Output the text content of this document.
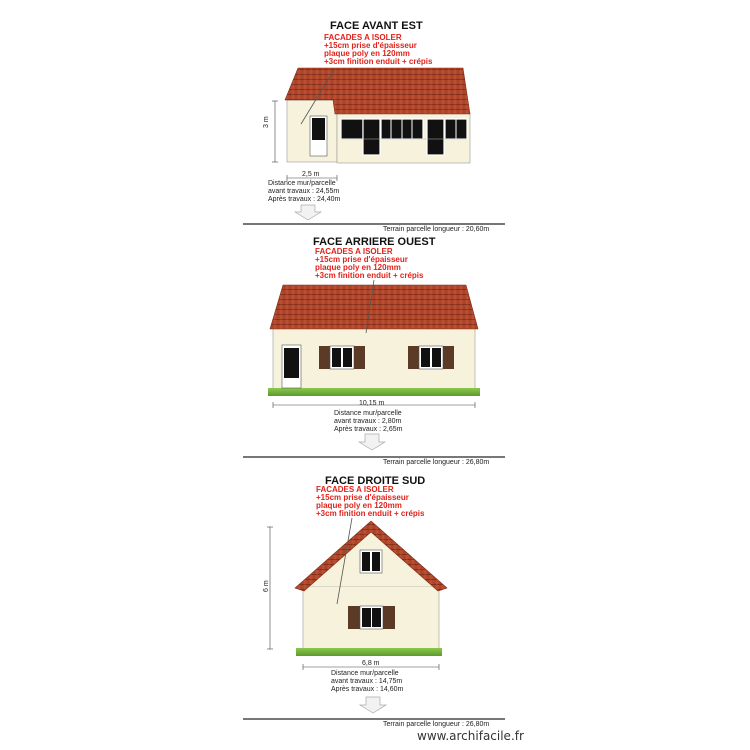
FACE AVANT EST
FACADES A ISOLER
+15cm prise d'épaisseur
plaque poly en 120mm
+3cm finition enduit + crépis
3 m
2,5 m
Distance mur/parcelle
avant travaux : 24,55m
Après travaux : 24,40m
Terrain parcelle longueur : 20,60m
FACE ARRIERE OUEST
FACADES A ISOLER
+15cm prise d'épaisseur
plaque poly en 120mm
+3cm finition enduit + crépis
10,15 m
Distance mur/parcelle
avant travaux : 2,80m
Après travaux : 2,65m
Terrain parcelle longueur : 26,80m
FACE DROITE SUD
FACADES A ISOLER
+15cm prise d'épaisseur
plaque poly en 120mm
+3cm finition enduit + crépis
6 m
6,8 m
Distance mur/parcelle
avant travaux : 14,75m
Après travaux : 14,60m
Terrain parcelle longueur : 26,80m
www.archifacile.fr
